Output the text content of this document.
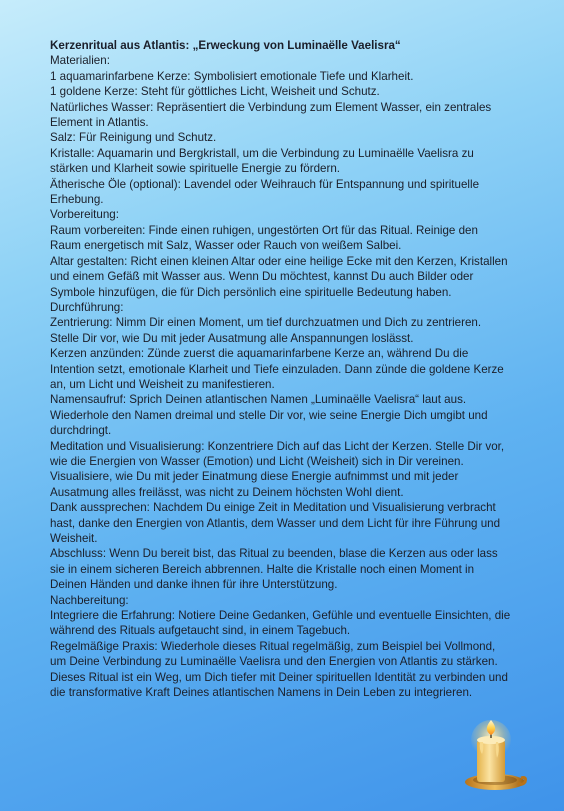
Kerzenritual aus Atlantis: „Erweckung von Luminaëlle Vaelisra“

Materialien:

1 aquamarinfarbene Kerze: Symbolisiert emotionale Tiefe und Klarheit.

1 goldene Kerze: Steht für göttliches Licht, Weisheit und Schutz.

Natürliches Wasser: Repräsentiert die Verbindung zum Element Wasser, ein zentrales Element in Atlantis.

Salz: Für Reinigung und Schutz.

Kristalle: Aquamarin und Bergkristall, um die Verbindung zu Luminaëlle Vaelisra zu stärken und Klarheit sowie spirituelle Energie zu fördern.

Ätherische Öle (optional): Lavendel oder Weihrauch für Entspannung und spirituelle Erhebung.

Vorbereitung:

Raum vorbereiten: Finde einen ruhigen, ungestörten Ort für das Ritual. Reinige den Raum energetisch mit Salz, Wasser oder Rauch von weißem Salbei.

Altar gestalten: Richt einen kleinen Altar oder eine heilige Ecke mit den Kerzen, Kristallen und einem Gefäß mit Wasser aus. Wenn Du möchtest, kannst Du auch Bilder oder Symbole hinzufügen, die für Dich persönlich eine spirituelle Bedeutung haben.

Durchführung:

Zentrierung: Nimm Dir einen Moment, um tief durchzuatmen und Dich zu zentrieren. Stelle Dir vor, wie Du mit jeder Ausatmung alle Anspannungen loslässt.

Kerzen anzünden: Zünde zuerst die aquamarinfarbene Kerze an, während Du die Intention setzt, emotionale Klarheit und Tiefe einzuladen. Dann zünde die goldene Kerze an, um Licht und Weisheit zu manifestieren.

Namensaufruf: Sprich Deinen atlantischen Namen „Luminaëlle Vaelisra“ laut aus. Wiederhole den Namen dreimal und stelle Dir vor, wie seine Energie Dich umgibt und durchdringt.

Meditation und Visualisierung: Konzentriere Dich auf das Licht der Kerzen. Stelle Dir vor, wie die Energien von Wasser (Emotion) und Licht (Weisheit) sich in Dir vereinen. Visualisiere, wie Du mit jeder Einatmung diese Energie aufnimmst und mit jeder Ausatmung alles freilässt, was nicht zu Deinem höchsten Wohl dient.

Dank aussprechen: Nachdem Du einige Zeit in Meditation und Visualisierung verbracht hast, danke den Energien von Atlantis, dem Wasser und dem Licht für ihre Führung und Weisheit.

Abschluss: Wenn Du bereit bist, das Ritual zu beenden, blase die Kerzen aus oder lass sie in einem sicheren Bereich abbrennen. Halte die Kristalle noch einen Moment in Deinen Händen und danke ihnen für ihre Unterstützung.

Nachbereitung:

Integriere die Erfahrung: Notiere Deine Gedanken, Gefühle und eventuelle Einsichten, die während des Rituals aufgetaucht sind, in einem Tagebuch.

Regelmäßige Praxis: Wiederhole dieses Ritual regelmäßig, zum Beispiel bei Vollmond, um Deine Verbindung zu Luminaëlle Vaelisra und den Energien von Atlantis zu stärken.

Dieses Ritual ist ein Weg, um Dich tiefer mit Deiner spirituellen Identität zu verbinden und die transformative Kraft Deines atlantischen Namens in Dein Leben zu integrieren.
